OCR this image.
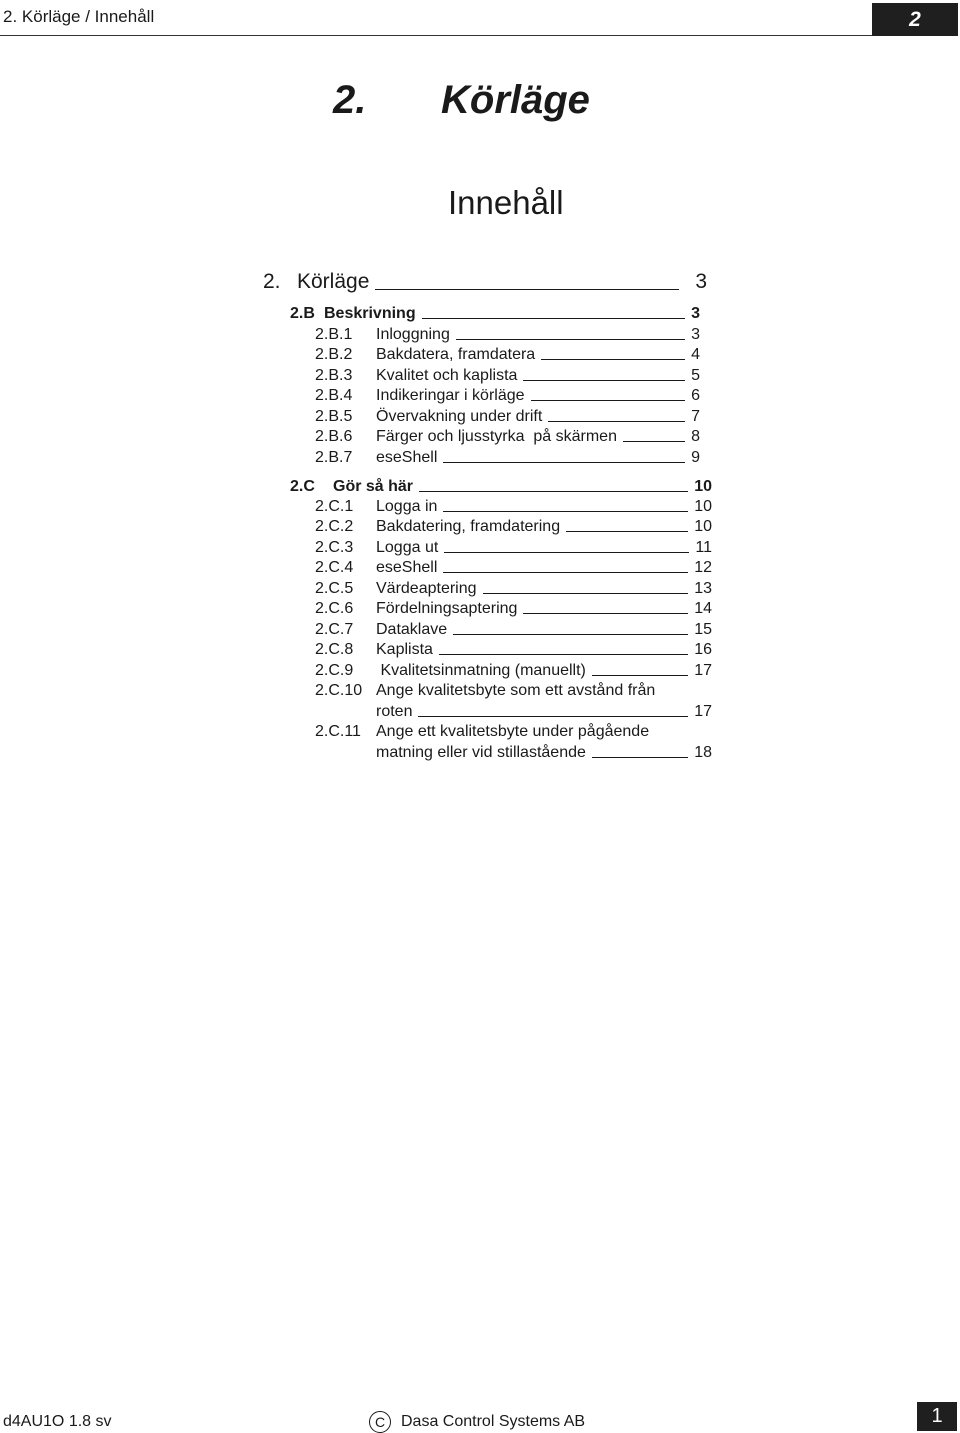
2. Körläge / Innehåll	2
2. Körläge
Innehåll
2. Körläge	3
2.B Beskrivning	3
2.B.1	Inloggning	3
2.B.2	Bakdatera, framdatera	4
2.B.3	Kvalitet och kaplista	5
2.B.4	Indikeringar i körläge	6
2.B.5	Övervakning under drift	7
2.B.6	Färger och ljusstyrka  på skärmen	8
2.B.7	eseShell	9
2.C	Gör så här	10
2.C.1	Logga in	10
2.C.2	Bakdatering, framdatering	10
2.C.3	Logga ut	11
2.C.4	eseShell	12
2.C.5	Värdeaptering	13
2.C.6	Fördelningsaptering	14
2.C.7	Dataklave	15
2.C.8	Kaplista	16
2.C.9	Kvalitetsinmatning (manuellt)	17
2.C.10 Ange kvalitetsbyte som ett avstånd från
roten	17
2.C.11 Ange ett kvalitetsbyte under pågående
matning eller vid stillastående	18
d4AU1O 1.8 sv	C Dasa Control Systems AB	1
